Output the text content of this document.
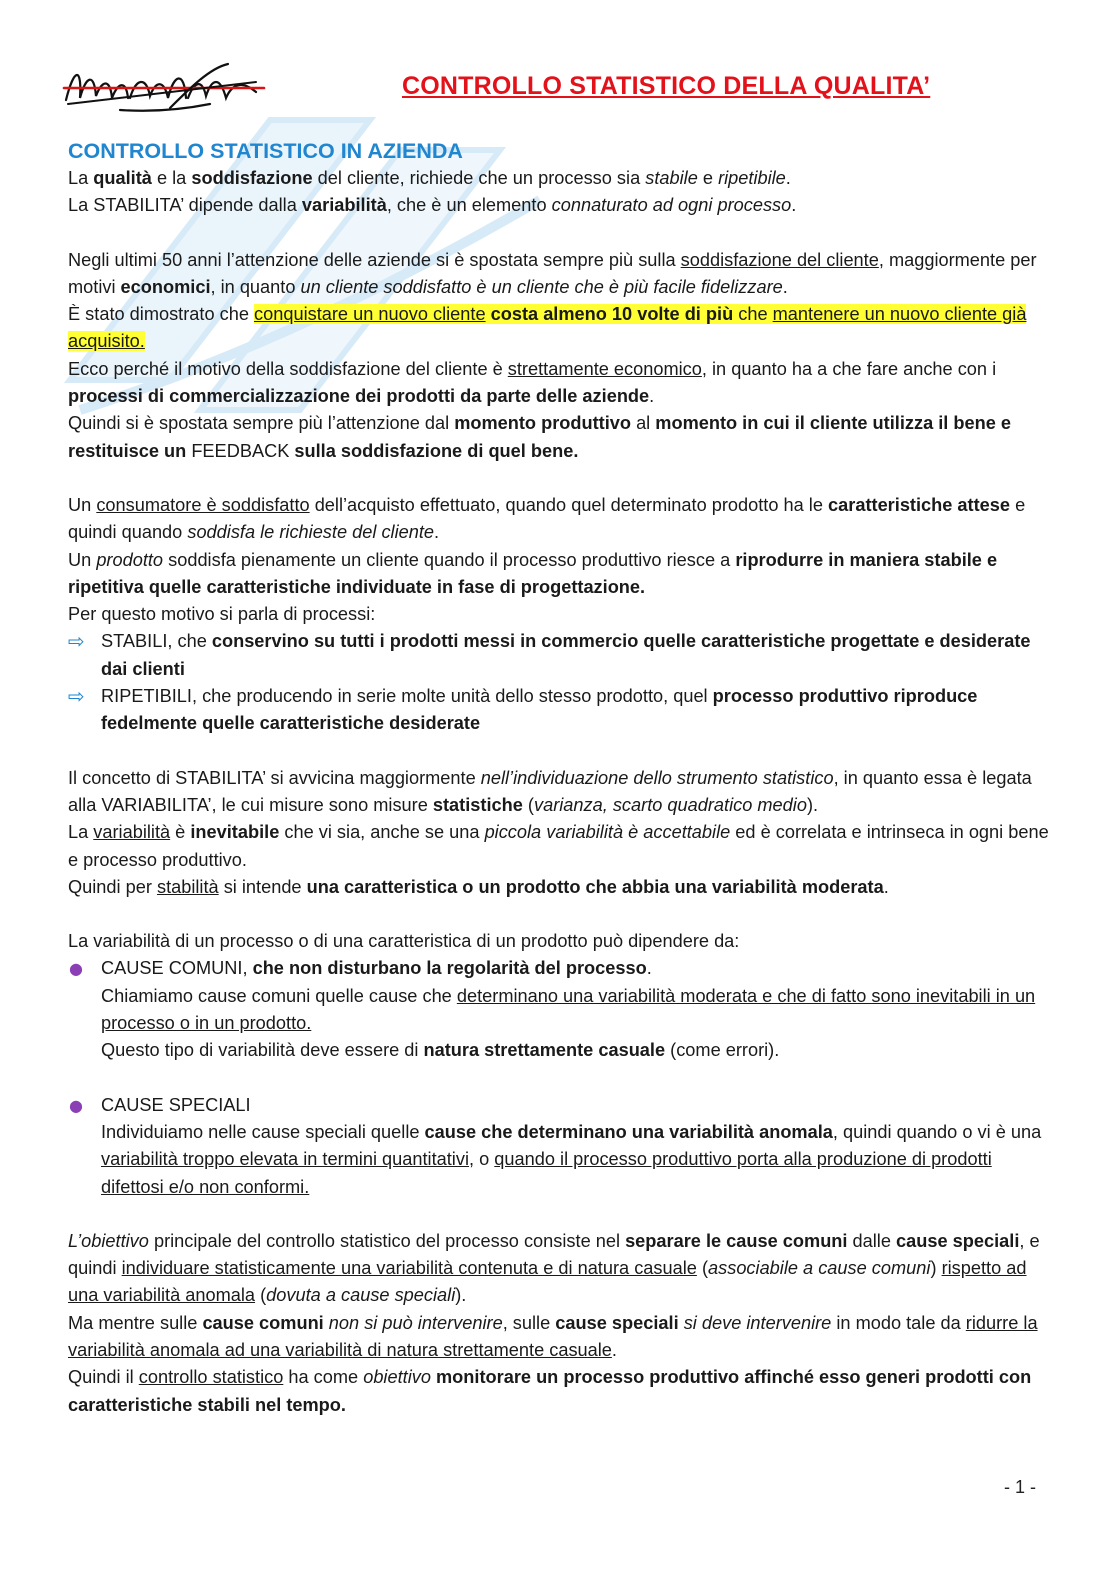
CONTROLLO STATISTICO DELLA QUALITA’
CONTROLLO STATISTICO IN AZIENDA

La qualità e la soddisfazione del cliente, richiede che un processo sia stabile e ripetibile.

La STABILITA’ dipende dalla variabilità, che è un elemento connaturato ad ogni processo.

Negli ultimi 50 anni l’attenzione delle aziende si è spostata sempre più sulla soddisfazione del cliente, maggiormente per motivi economici, in quanto un cliente soddisfatto è un cliente che è più facile fidelizzare.

È stato dimostrato che conquistare un nuovo cliente costa almeno 10 volte di più che mantenere un nuovo cliente già acquisito.

Ecco perché il motivo della soddisfazione del cliente è strettamente economico, in quanto ha a che fare anche con i processi di commercializzazione dei prodotti da parte delle aziende.

Quindi si è spostata sempre più l’attenzione dal momento produttivo al momento in cui il cliente utilizza il bene e restituisce un FEEDBACK sulla soddisfazione di quel bene.

Un consumatore è soddisfatto dell’acquisto effettuato, quando quel determinato prodotto ha le caratteristiche attese e quindi quando soddisfa le richieste del cliente.

Un prodotto soddisfa pienamente un cliente quando il processo produttivo riesce a riprodurre in maniera stabile e ripetitiva quelle caratteristiche individuate in fase di progettazione.

Per questo motivo si parla di processi:

⇨ STABILI, che conservino su tutti i prodotti messi in commercio quelle caratteristiche progettate e desiderate dai clienti
⇨ RIPETIBILI, che producendo in serie molte unità dello stesso prodotto, quel processo produttivo riproduce fedelmente quelle caratteristiche desiderate

Il concetto di STABILITA’ si avvicina maggiormente nell’individuazione dello strumento statistico, in quanto essa è legata alla VARIABILITA’, le cui misure sono misure statistiche (varianza, scarto quadratico medio).

La variabilità è inevitabile che vi sia, anche se una piccola variabilità è accettabile ed è correlata e intrinseca in ogni bene e processo produttivo.

Quindi per stabilità si intende una caratteristica o un prodotto che abbia una variabilità moderata.

La variabilità di un processo o di una caratteristica di un prodotto può dipendere da:

● CAUSE COMUNI, che non disturbano la regolarità del processo.
Chiamiamo cause comuni quelle cause che determinano una variabilità moderata e che di fatto sono inevitabili in un processo o in un prodotto.
Questo tipo di variabilità deve essere di natura strettamente casuale (come errori).
● CAUSE SPECIALI
Individuiamo nelle cause speciali quelle cause che determinano una variabilità anomala, quindi quando o vi è una variabilità troppo elevata in termini quantitativi, o quando il processo produttivo porta alla produzione di prodotti difettosi e/o non conformi.

L’obiettivo principale del controllo statistico del processo consiste nel separare le cause comuni dalle cause speciali, e quindi individuare statisticamente una variabilità contenuta e di natura casuale (associabile a cause comuni) rispetto ad una variabilità anomala (dovuta a cause speciali).

Ma mentre sulle cause comuni non si può intervenire, sulle cause speciali si deve intervenire in modo tale da ridurre la variabilità anomala ad una variabilità di natura strettamente casuale.

Quindi il controllo statistico ha come obiettivo monitorare un processo produttivo affinché esso generi prodotti con caratteristiche stabili nel tempo.

- 1 -
